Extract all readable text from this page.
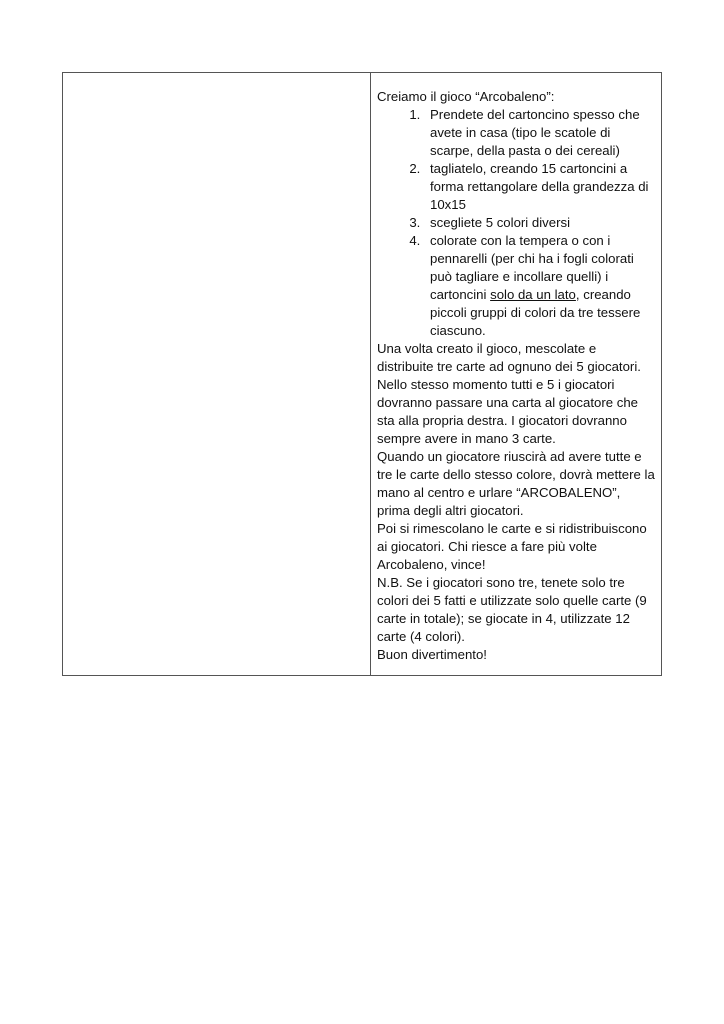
Creiamo il gioco “Arcobaleno”:

1. Prendete del cartoncino spesso che avete in casa (tipo le scatole di scarpe, della pasta o dei cereali)
2. tagliatelo, creando 15 cartoncini a forma rettangolare della grandezza di 10x15
3. scegliete 5 colori diversi
4. colorate con la tempera o con i pennarelli (per chi ha i fogli colorati può tagliare e incollare quelli) i cartoncini solo da un lato, creando piccoli gruppi di colori da tre tessere ciascuno.

Una volta creato il gioco, mescolate e distribuite tre carte ad ognuno dei 5 giocatori. Nello stesso momento tutti e 5 i giocatori dovranno passare una carta al giocatore che sta alla propria destra. I giocatori dovranno sempre avere in mano 3 carte.

Quando un giocatore riuscirà ad avere tutte e tre le carte dello stesso colore, dovrà mettere la mano al centro e urlare “ARCOBALENO”, prima degli altri giocatori.

Poi si rimescolano le carte e si ridistribuiscono ai giocatori. Chi riesce a fare più volte Arcobaleno, vince!

N.B. Se i giocatori sono tre, tenete solo tre colori dei 5 fatti e utilizzate solo quelle carte (9 carte in totale); se giocate in 4, utilizzate 12 carte (4 colori).

Buon divertimento!
